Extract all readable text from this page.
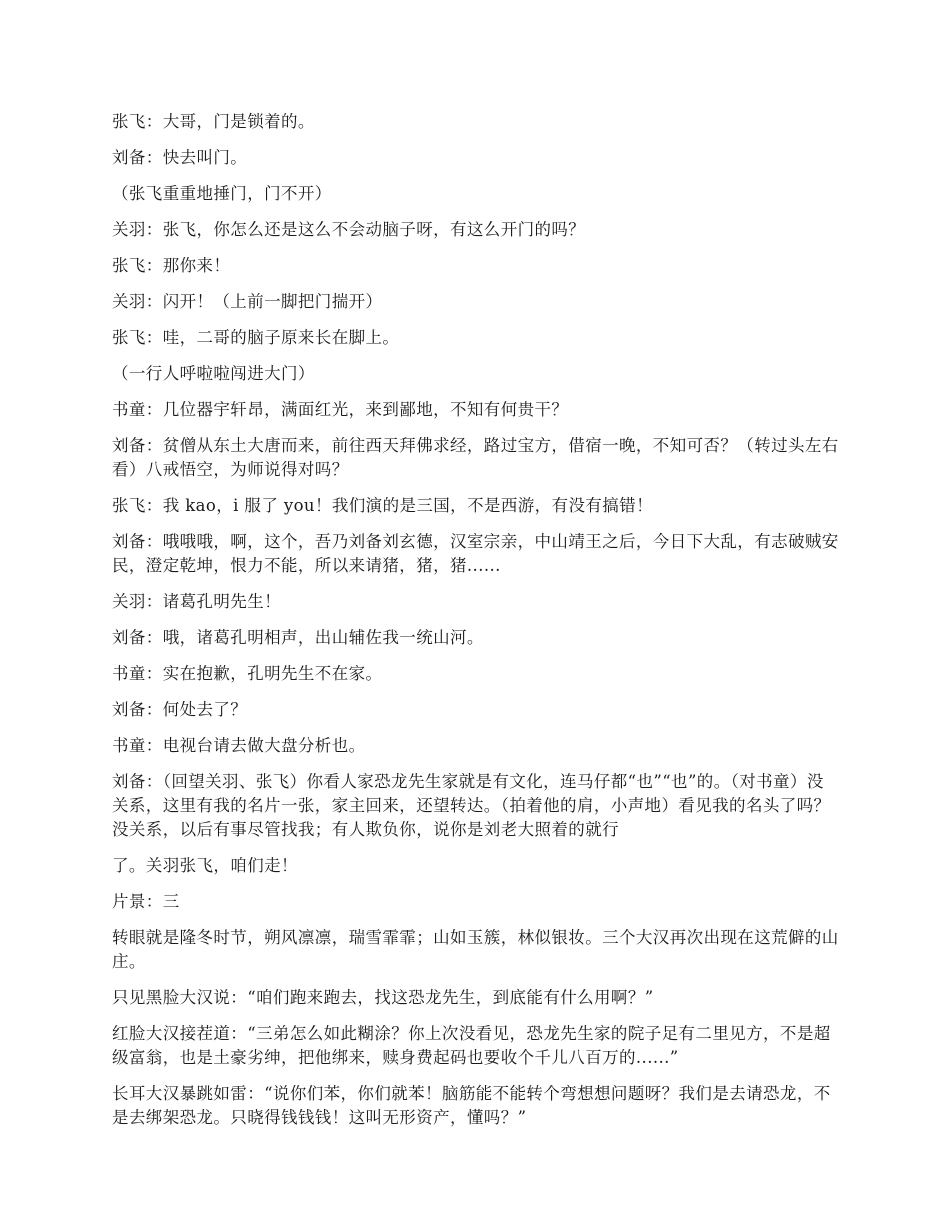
张飞：大哥，门是锁着的。

刘备：快去叫门。

（张飞重重地捶门，门不开）

关羽：张飞，你怎么还是这么不会动脑子呀，有这么开门的吗？

张飞：那你来！

关羽：闪开！（上前一脚把门揣开）

张飞：哇，二哥的脑子原来长在脚上。

（一行人呼啦啦闯进大门）

书童：几位器宇轩昂，满面红光，来到鄙地，不知有何贵干？

刘备：贫僧从东土大唐而来，前往西天拜佛求经，路过宝方，借宿一晚，不知可否？（转过头左右看）八戒悟空，为师说得对吗？

张飞：我 kao，i 服了 you！我们演的是三国，不是西游，有没有搞错！

刘备：哦哦哦，啊，这个，吾乃刘备刘玄德，汉室宗亲，中山靖王之后，今日下大乱，有志破贼安民，澄定乾坤，恨力不能，所以来请猪，猪，猪......

关羽：诸葛孔明先生！

刘备：哦，诸葛孔明相声，出山辅佐我一统山河。

书童：实在抱歉，孔明先生不在家。

刘备：何处去了？

书童：电视台请去做大盘分析也。

刘备：（回望关羽、张飞）你看人家恐龙先生家就是有文化，连马仔都“也”“也”的。（对书童）没关系，这里有我的名片一张，家主回来，还望转达。（拍着他的肩，小声地）看见我的名头了吗？没关系，以后有事尽管找我；有人欺负你，说你是刘老大照着的就行

了。关羽张飞，咱们走！

片景：三

转眼就是隆冬时节，朔风凛凛，瑞雪霏霏；山如玉簇，林似银妆。三个大汉再次出现在这荒僻的山庄。

只见黑脸大汉说：“咱们跑来跑去，找这恐龙先生，到底能有什么用啊？”

红脸大汉接茬道：“三弟怎么如此糊涂？你上次没看见，恐龙先生家的院子足有二里见方，不是超级富翁，也是土豪劣绅，把他绑来，赎身费起码也要收个千儿八百万的......”

长耳大汉暴跳如雷：“说你们苯，你们就苯！脑筋能不能转个弯想想问题呀？我们是去请恐龙，不是去绑架恐龙。只晓得钱钱钱！这叫无形资产，懂吗？”
